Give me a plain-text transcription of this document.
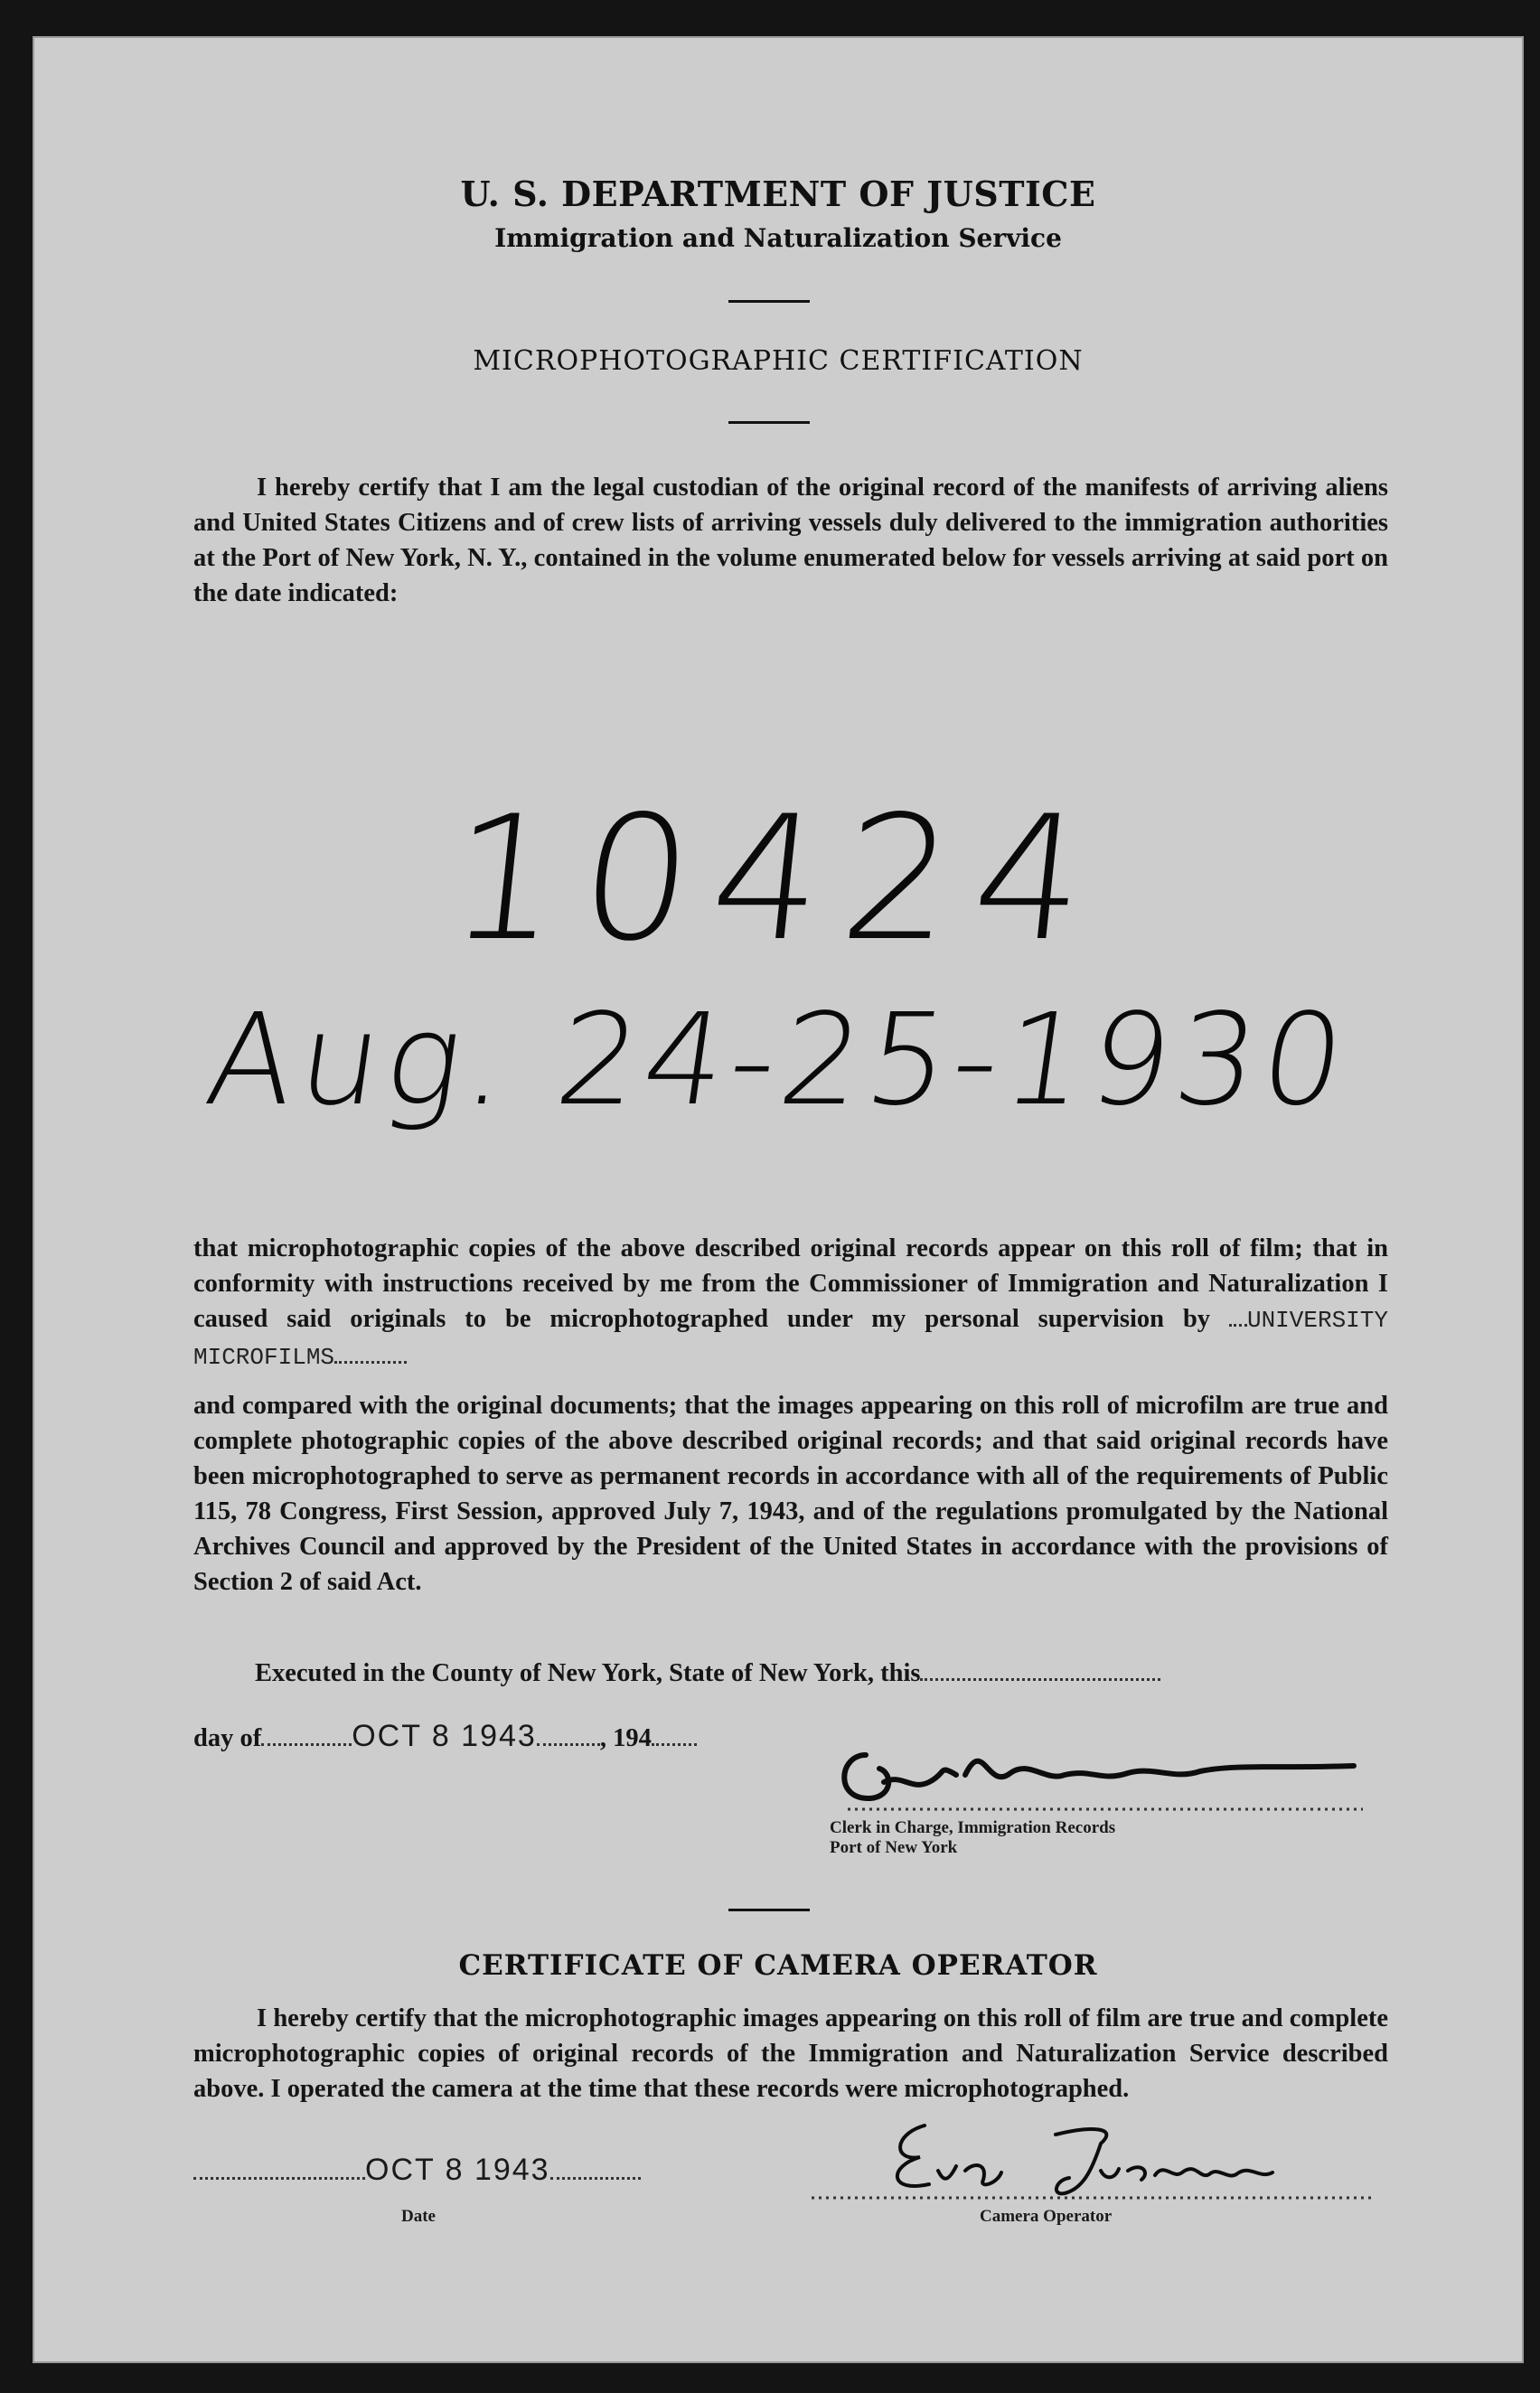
U. S. DEPARTMENT OF JUSTICE
Immigration and Naturalization Service
MICROPHOTOGRAPHIC CERTIFICATION
I hereby certify that I am the legal custodian of the original record of the manifests of arriving aliens and United States Citizens and of crew lists of arriving vessels duly delivered to the immigration authorities at the Port of New York, N. Y., contained in the volume enumerated below for vessels arriving at said port on the date indicated:
10424
Aug. 24-25-1930
that microphotographic copies of the above described original records appear on this roll of film; that in conformity with instructions received by me from the Commissioner of Immigration and Naturalization I caused said originals to be microphotographed under my personal supervision by UNIVERSITY MICROFILMS
and compared with the original documents; that the images appearing on this roll of microfilm are true and complete photographic copies of the above described original records; and that said original records have been microphotographed to serve as permanent records in accordance with all of the requirements of Public 115, 78 Congress, First Session, approved July 7, 1943, and of the regulations promulgated by the National Archives Council and approved by the President of the United States in accordance with the provisions of Section 2 of said Act.
Executed in the County of New York, State of New York, this
day of	OCT 8 1943 , 194
Clerk in Charge, Immigration Records
Port of New York
CERTIFICATE OF CAMERA OPERATOR
I hereby certify that the microphotographic images appearing on this roll of film are true and complete microphotographic copies of original records of the Immigration and Naturalization Service described above. I operated the camera at the time that these records were microphotographed.
OCT 8 1943
Date	Camera Operator
